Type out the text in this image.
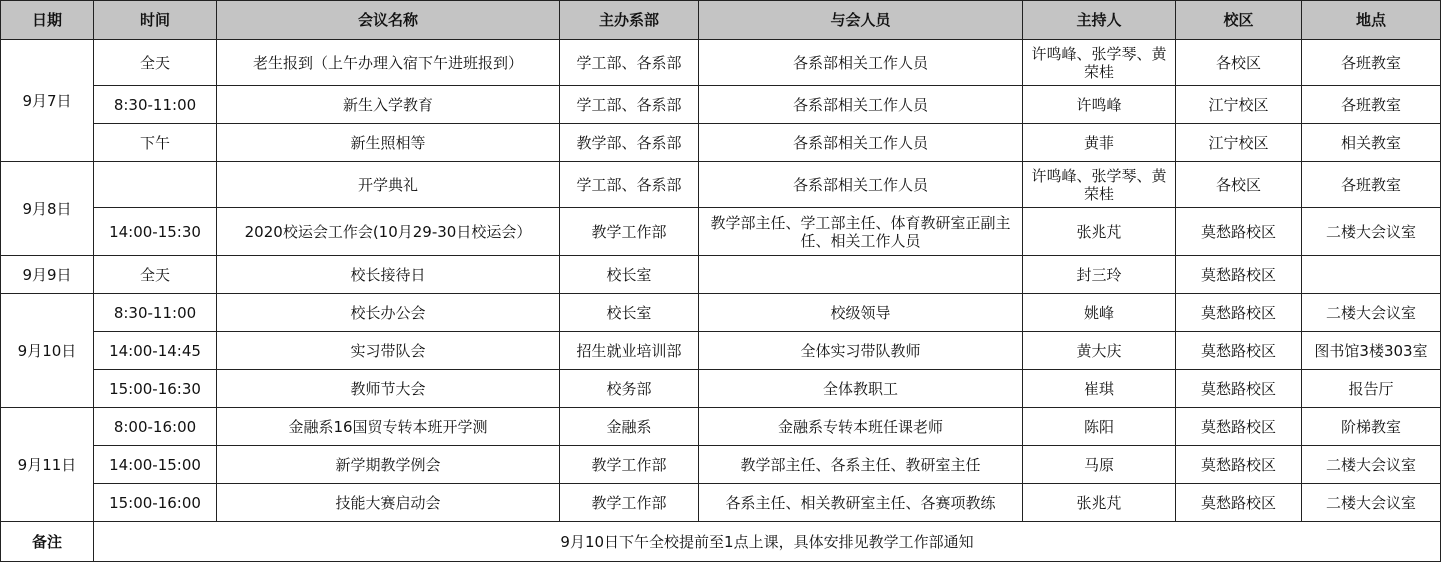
日期	时间	会议名称	主办系部	与会人员	主持人	校区	地点
9月7日	全天	老生报到（上午办理入宿下午进班报到）	学工部、各系部	各系部相关工作人员	许鸣峰、张学琴、黄荣桂	各校区	各班教室
	8:30-11:00	新生入学教育	学工部、各系部	各系部相关工作人员	许鸣峰	江宁校区	各班教室
	下午	新生照相等	教学部、各系部	各系部相关工作人员	黄菲	江宁校区	相关教室
9月8日		开学典礼	学工部、各系部	各系部相关工作人员	许鸣峰、张学琴、黄荣桂	各校区	各班教室
	14:00-15:30	2020校运会工作会(10月29-30日校运会）	教学工作部	教学部主任、学工部主任、体育教研室正副主任、相关工作人员	张兆芃	莫愁路校区	二楼大会议室
9月9日	全天	校长接待日	校长室		封三玲	莫愁路校区	
9月10日	8:30-11:00	校长办公会	校长室	校级领导	姚峰	莫愁路校区	二楼大会议室
	14:00-14:45	实习带队会	招生就业培训部	全体实习带队教师	黄大庆	莫愁路校区	图书馆3楼303室
	15:00-16:30	教师节大会	校务部	全体教职工	崔琪	莫愁路校区	报告厅
9月11日	8:00-16:00	金融系16国贸专转本班开学测	金融系	金融系专转本班任课老师	陈阳	莫愁路校区	阶梯教室
	14:00-15:00	新学期教学例会	教学工作部	教学部主任、各系主任、教研室主任	马原	莫愁路校区	二楼大会议室
	15:00-16:00	技能大赛启动会	教学工作部	各系主任、相关教研室主任、各赛项教练	张兆芃	莫愁路校区	二楼大会议室
备注	9月10日下午全校提前至1点上课，具体安排见教学工作部通知						
